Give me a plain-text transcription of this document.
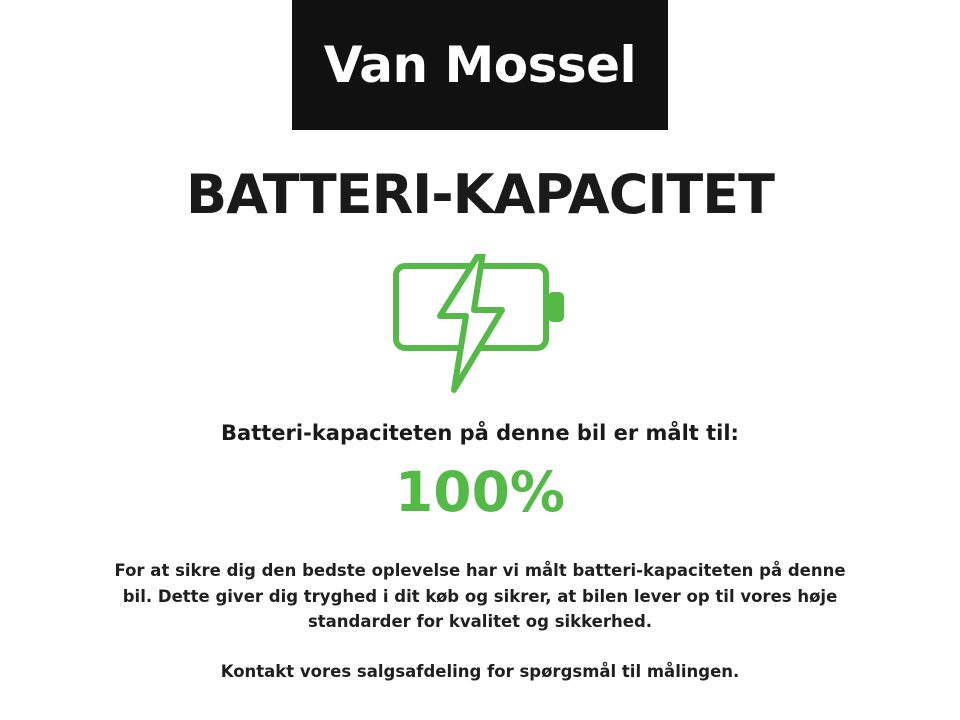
Van Mossel
BATTERI-KAPACITET
Batteri-kapaciteten på denne bil er målt til:
100%

For at sikre dig den bedste oplevelse har vi målt batteri-kapaciteten på denne bil. Dette giver dig tryghed i dit køb og sikrer, at bilen lever op til vores høje standarder for kvalitet og sikkerhed.

Kontakt vores salgsafdeling for spørgsmål til målingen.
